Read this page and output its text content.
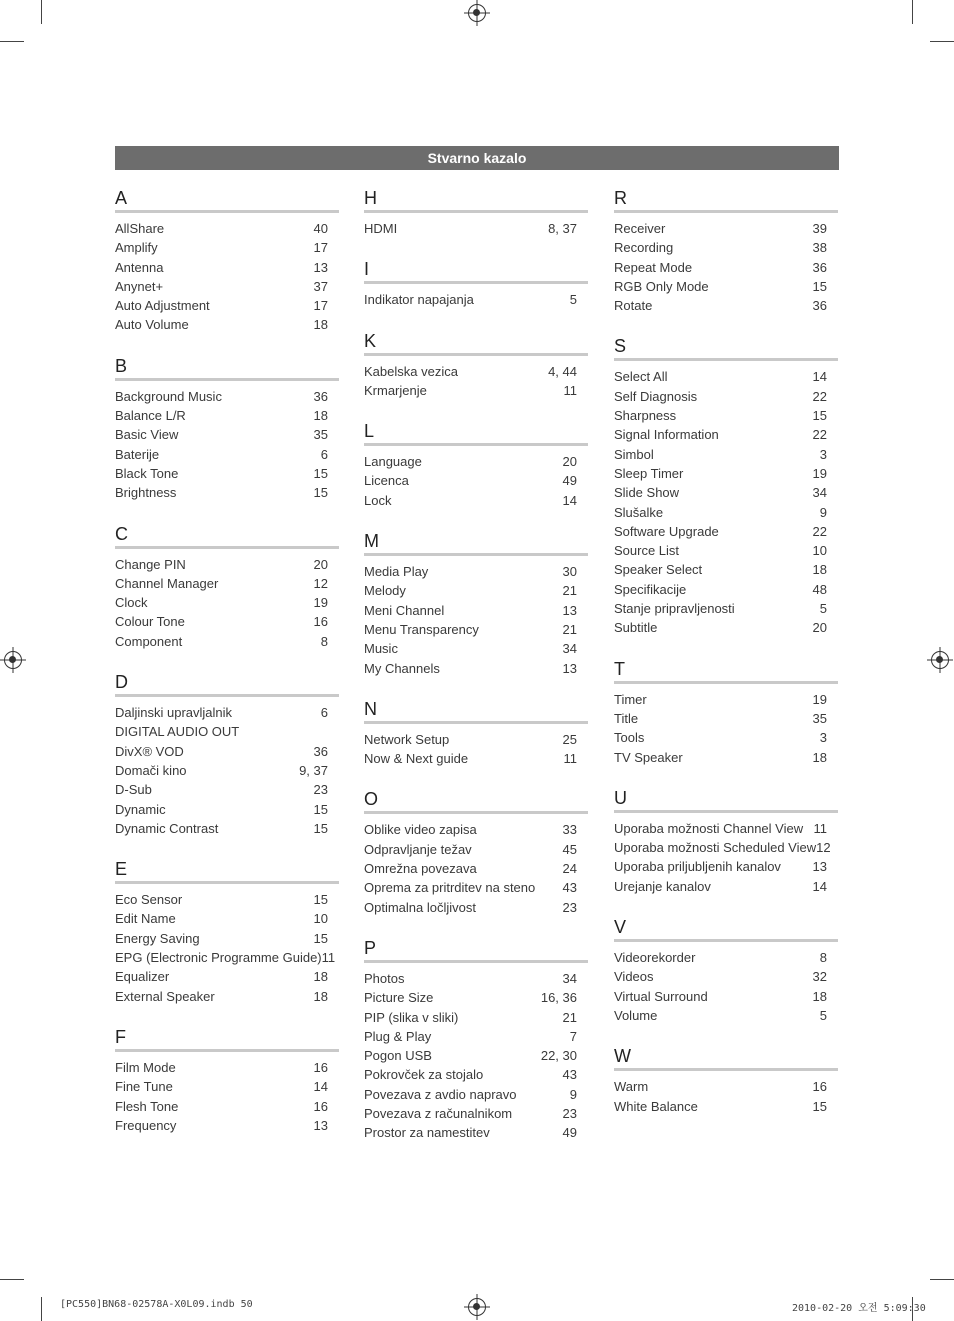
Stvarno kazalo
A
AllShare	40
Amplify	17
Antenna	13
Anynet+	37
Auto Adjustment	17
Auto Volume	18
B
Background Music	36
Balance L/R	18
Basic View	35
Baterije	6
Black Tone	15
Brightness	15
C
Change PIN	20
Channel Manager	12
Clock	19
Colour Tone	16
Component	8
D
Daljinski upravljalnik	6
DIGITAL AUDIO OUT
DivX® VOD	36
Domači kino	9, 37
D-Sub	23
Dynamic	15
Dynamic Contrast	15
E
Eco Sensor	15
Edit Name	10
Energy Saving	15
EPG (Electronic Programme Guide) 11
Equalizer	18
External Speaker	18
F
Film Mode	16
Fine Tune	14
Flesh Tone	16
Frequency	13
H
HDMI	8, 37
I
Indikator napajanja	5
K
Kabelska vezica	4, 44
Krmarjenje	11
L
Language	20
Licenca	49
Lock	14
M
Media Play	30
Melody	21
Meni Channel	13
Menu Transparency	21
Music	34
My Channels	13
N
Network Setup	25
Now & Next guide	11
O
Oblike video zapisa	33
Odpravljanje težav	45
Omrežna povezava	24
Oprema za pritrditev na steno 43
Optimalna ločljivost	23
P
Photos	34
Picture Size	16, 36
PIP (slika v sliki)	21
Plug & Play	7
Pogon USB	22, 30
Pokrovček za stojalo	43
Povezava z avdio napravo	9
Povezava z računalnikom	23
Prostor za namestitev	49
R
Receiver	39
Recording	38
Repeat Mode	36
RGB Only Mode	15
Rotate	36
S
Select All	14
Self Diagnosis	22
Sharpness	15
Signal Information	22
Simbol	3
Sleep Timer	19
Slide Show	34
Slušalke	9
Software Upgrade	22
Source List	10
Speaker Select	18
Specifikacije	48
Stanje pripravljenosti	5
Subtitle	20
T
Timer	19
Title	35
Tools	3
TV Speaker	18
U
Uporaba možnosti Channel View 11
Uporaba možnosti Scheduled View 12
Uporaba priljubljenih kanalov 13
Urejanje kanalov	14
V
Videorekorder	8
Videos	32
Virtual Surround	18
Volume	5
W
Warm	16
White Balance	15
[PC550]BN68-02578A-X0L09.indb 50	2010-02-20 오전 5:09:30
